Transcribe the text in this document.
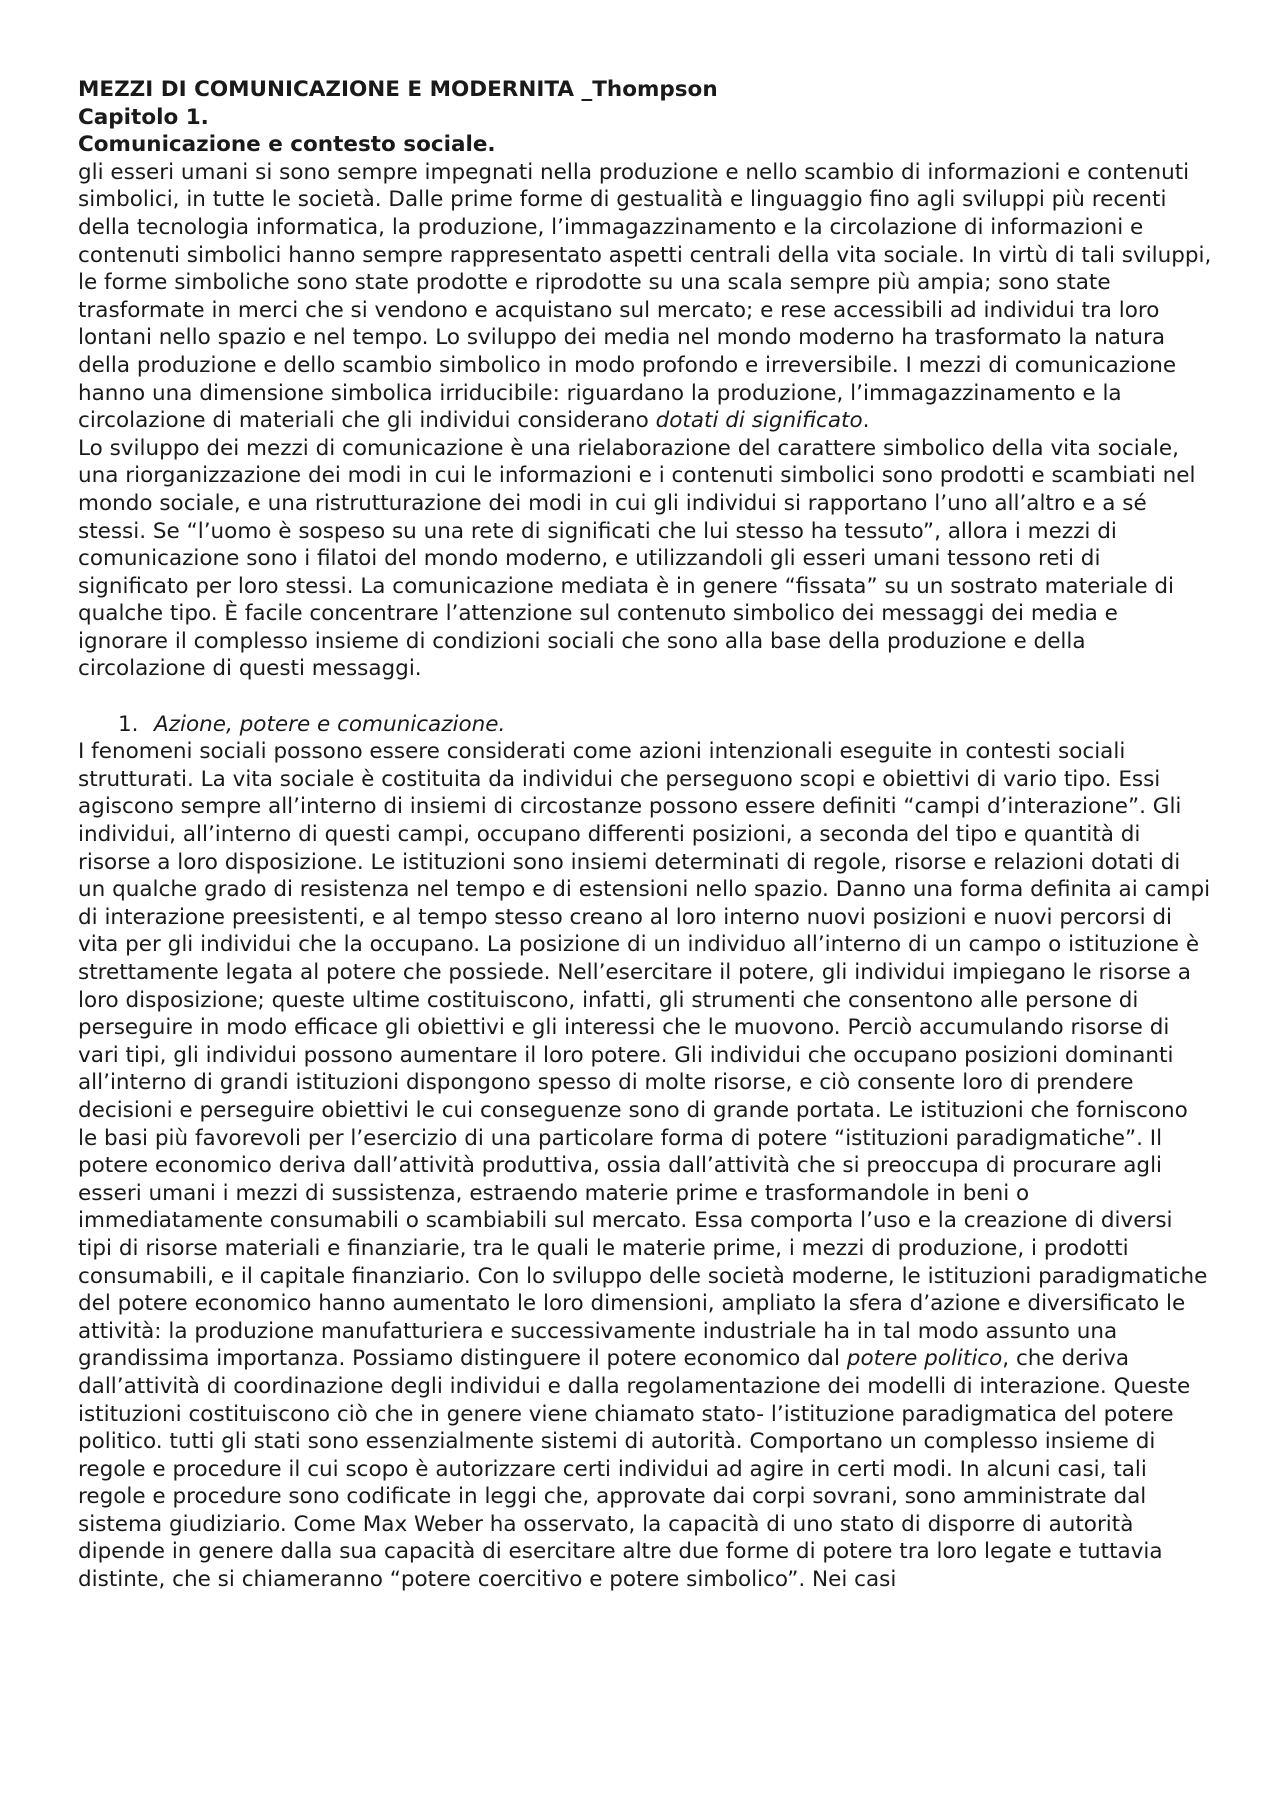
MEZZI DI COMUNICAZIONE E MODERNITA _Thompson

Capitolo 1.

Comunicazione e contesto sociale.

gli esseri umani si sono sempre impegnati nella produzione e nello scambio di informazioni e contenuti simbolici, in tutte le società. Dalle prime forme di gestualità e linguaggio fino agli sviluppi più recenti della tecnologia informatica, la produzione, l’immagazzinamento e la circolazione di informazioni e contenuti simbolici hanno sempre rappresentato aspetti centrali della vita sociale. In virtù di tali sviluppi, le forme simboliche sono state prodotte e riprodotte su una scala sempre più ampia; sono state trasformate in merci che si vendono e acquistano sul mercato; e rese accessibili ad individui tra loro lontani nello spazio e nel tempo. Lo sviluppo dei media nel mondo moderno ha trasformato la natura della produzione e dello scambio simbolico in modo profondo e irreversibile. I mezzi di comunicazione hanno una dimensione simbolica irriducibile: riguardano la produzione, l’immagazzinamento e la circolazione di materiali che gli individui considerano dotati di significato.

Lo sviluppo dei mezzi di comunicazione è una rielaborazione del carattere simbolico della vita sociale, una riorganizzazione dei modi in cui le informazioni e i contenuti simbolici sono prodotti e scambiati nel mondo sociale, e una ristrutturazione dei modi in cui gli individui si rapportano l’uno all’altro e a sé stessi. Se “l’uomo è sospeso su una rete di significati che lui stesso ha tessuto”, allora i mezzi di comunicazione sono i filatoi del mondo moderno, e utilizzandoli gli esseri umani tessono reti di significato per loro stessi. La comunicazione mediata è in genere “fissata” su un sostrato materiale di qualche tipo. È facile concentrare l’attenzione sul contenuto simbolico dei messaggi dei media e ignorare il complesso insieme di condizioni sociali che sono alla base della produzione e della circolazione di questi messaggi.

1. Azione, potere e comunicazione.

I fenomeni sociali possono essere considerati come azioni intenzionali eseguite in contesti sociali strutturati. La vita sociale è costituita da individui che perseguono scopi e obiettivi di vario tipo. Essi agiscono sempre all’interno di insiemi di circostanze possono essere definiti “campi d’interazione”. Gli individui, all’interno di questi campi, occupano differenti posizioni, a seconda del tipo e quantità di risorse a loro disposizione. Le istituzioni sono insiemi determinati di regole, risorse e relazioni dotati di un qualche grado di resistenza nel tempo e di estensioni nello spazio. Danno una forma definita ai campi di interazione preesistenti, e al tempo stesso creano al loro interno nuovi posizioni e nuovi percorsi di vita per gli individui che la occupano. La posizione di un individuo all’interno di un campo o istituzione è strettamente legata al potere che possiede. Nell’esercitare il potere, gli individui impiegano le risorse a loro disposizione; queste ultime costituiscono, infatti, gli strumenti che consentono alle persone di perseguire in modo efficace gli obiettivi e gli interessi che le muovono. Perciò accumulando risorse di vari tipi, gli individui possono aumentare il loro potere. Gli individui che occupano posizioni dominanti all’interno di grandi istituzioni dispongono spesso di molte risorse, e ciò consente loro di prendere decisioni e perseguire obiettivi le cui conseguenze sono di grande portata. Le istituzioni che forniscono le basi più favorevoli per l’esercizio di una particolare forma di potere “istituzioni paradigmatiche”. Il potere economico deriva dall’attività produttiva, ossia dall’attività che si preoccupa di procurare agli esseri umani i mezzi di sussistenza, estraendo materie prime e trasformandole in beni o immediatamente consumabili o scambiabili sul mercato. Essa comporta l’uso e la creazione di diversi tipi di risorse materiali e finanziarie, tra le quali le materie prime, i mezzi di produzione, i prodotti consumabili, e il capitale finanziario. Con lo sviluppo delle società moderne, le istituzioni paradigmatiche del potere economico hanno aumentato le loro dimensioni, ampliato la sfera d’azione e diversificato le attività: la produzione manufatturiera e successivamente industriale ha in tal modo assunto una grandissima importanza. Possiamo distinguere il potere economico dal potere politico, che deriva dall’attività di coordinazione degli individui e dalla regolamentazione dei modelli di interazione. Queste istituzioni costituiscono ciò che in genere viene chiamato stato- l’istituzione paradigmatica del potere politico. tutti gli stati sono essenzialmente sistemi di autorità. Comportano un complesso insieme di regole e procedure il cui scopo è autorizzare certi individui ad agire in certi modi. In alcuni casi, tali regole e procedure sono codificate in leggi che, approvate dai corpi sovrani, sono amministrate dal sistema giudiziario. Come Max Weber ha osservato, la capacità di uno stato di disporre di autorità dipende in genere dalla sua capacità di esercitare altre due forme di potere tra loro legate e tuttavia distinte, che si chiameranno “potere coercitivo e potere simbolico”. Nei casi
